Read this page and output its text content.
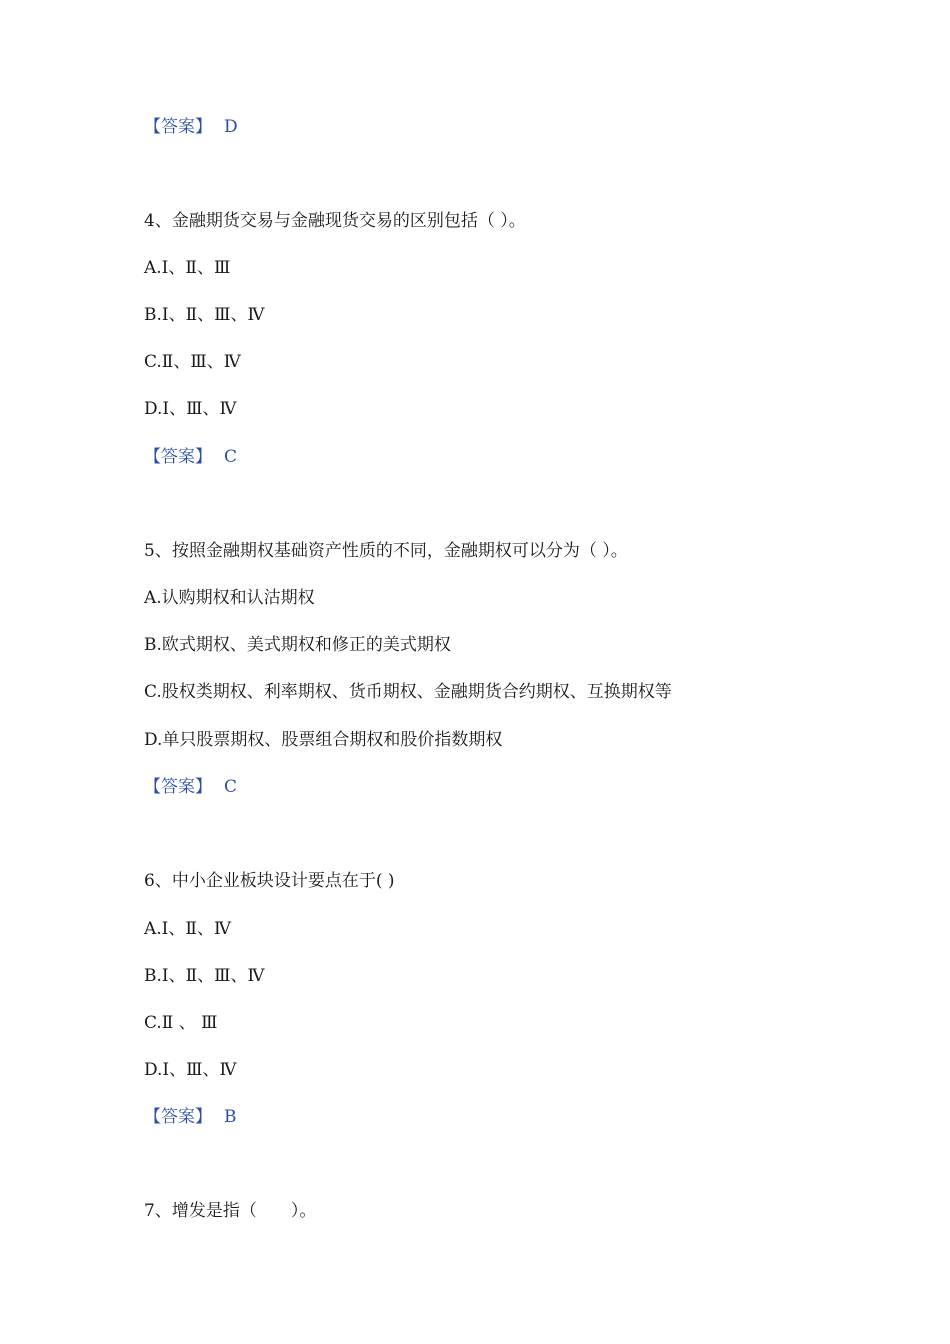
【答案】 D
4、金融期货交易与金融现货交易的区别包括（ ）。
A.Ⅰ、Ⅱ、Ⅲ
B.Ⅰ、Ⅱ、Ⅲ、Ⅳ
C.Ⅱ、Ⅲ、Ⅳ
D.Ⅰ、Ⅲ、Ⅳ
【答案】 C
5、按照金融期权基础资产性质的不同，金融期权可以分为（ ）。
A.认购期权和认沽期权
B.欧式期权、美式期权和修正的美式期权
C.股权类期权、利率期权、货币期权、金融期货合约期权、互换期权等
D.单只股票期权、股票组合期权和股价指数期权
【答案】 C
6、中小企业板块设计要点在于( )
A.Ⅰ、Ⅱ、Ⅳ
B.Ⅰ、Ⅱ、Ⅲ、Ⅳ
C.Ⅱ 、 Ⅲ
D.Ⅰ、Ⅲ、Ⅳ
【答案】 B
7、增发是指（　　）。
